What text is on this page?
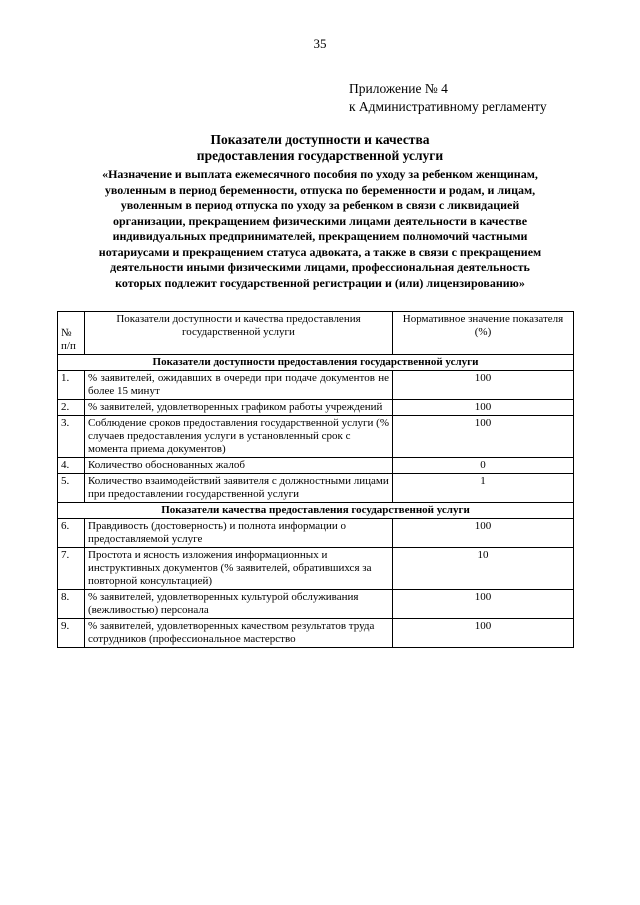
35
Приложение № 4
к Административному регламенту
Показатели доступности и качества
предоставления государственной услуги
«Назначение и выплата ежемесячного пособия по уходу за ребенком женщинам,
уволенным в период беременности, отпуска по беременности и родам, и лицам,
уволенным в период отпуска по уходу за ребенком в связи с ликвидацией
организации, прекращением физическими лицами деятельности в качестве
индивидуальных предпринимателей, прекращением полномочий частными
нотариусами и прекращением статуса адвоката, а также в связи с прекращением
деятельности иными физическими лицами, профессиональная деятельность
которых подлежит государственной регистрации и (или) лицензированию»
№
п/п	Показатели доступности и качества предоставления государственной услуги	Нормативное значение показателя (%)
Показатели доступности предоставления государственной услуги		
1.	% заявителей, ожидавших в очереди при подаче документов не более 15 минут	100
2.	% заявителей, удовлетворенных графиком работы учреждений	100
3.	Соблюдение сроков предоставления государственной услуги (% случаев предоставления услуги в установленный срок с момента приема документов)	100
4.	Количество обоснованных жалоб	0
5.	Количество взаимодействий заявителя с должностными лицами при предоставлении государственной услуги	1
Показатели качества предоставления государственной услуги		
6.	Правдивость (достоверность) и полнота информации о предоставляемой услуге	100
7.	Простота и ясность изложения информационных и инструктивных документов (% заявителей, обратившихся за повторной консультацией)	10
8.	% заявителей, удовлетворенных культурой обслуживания (вежливостью) персонала	100
9.	% заявителей, удовлетворенных качеством результатов труда сотрудников (профессиональное мастерство	100
